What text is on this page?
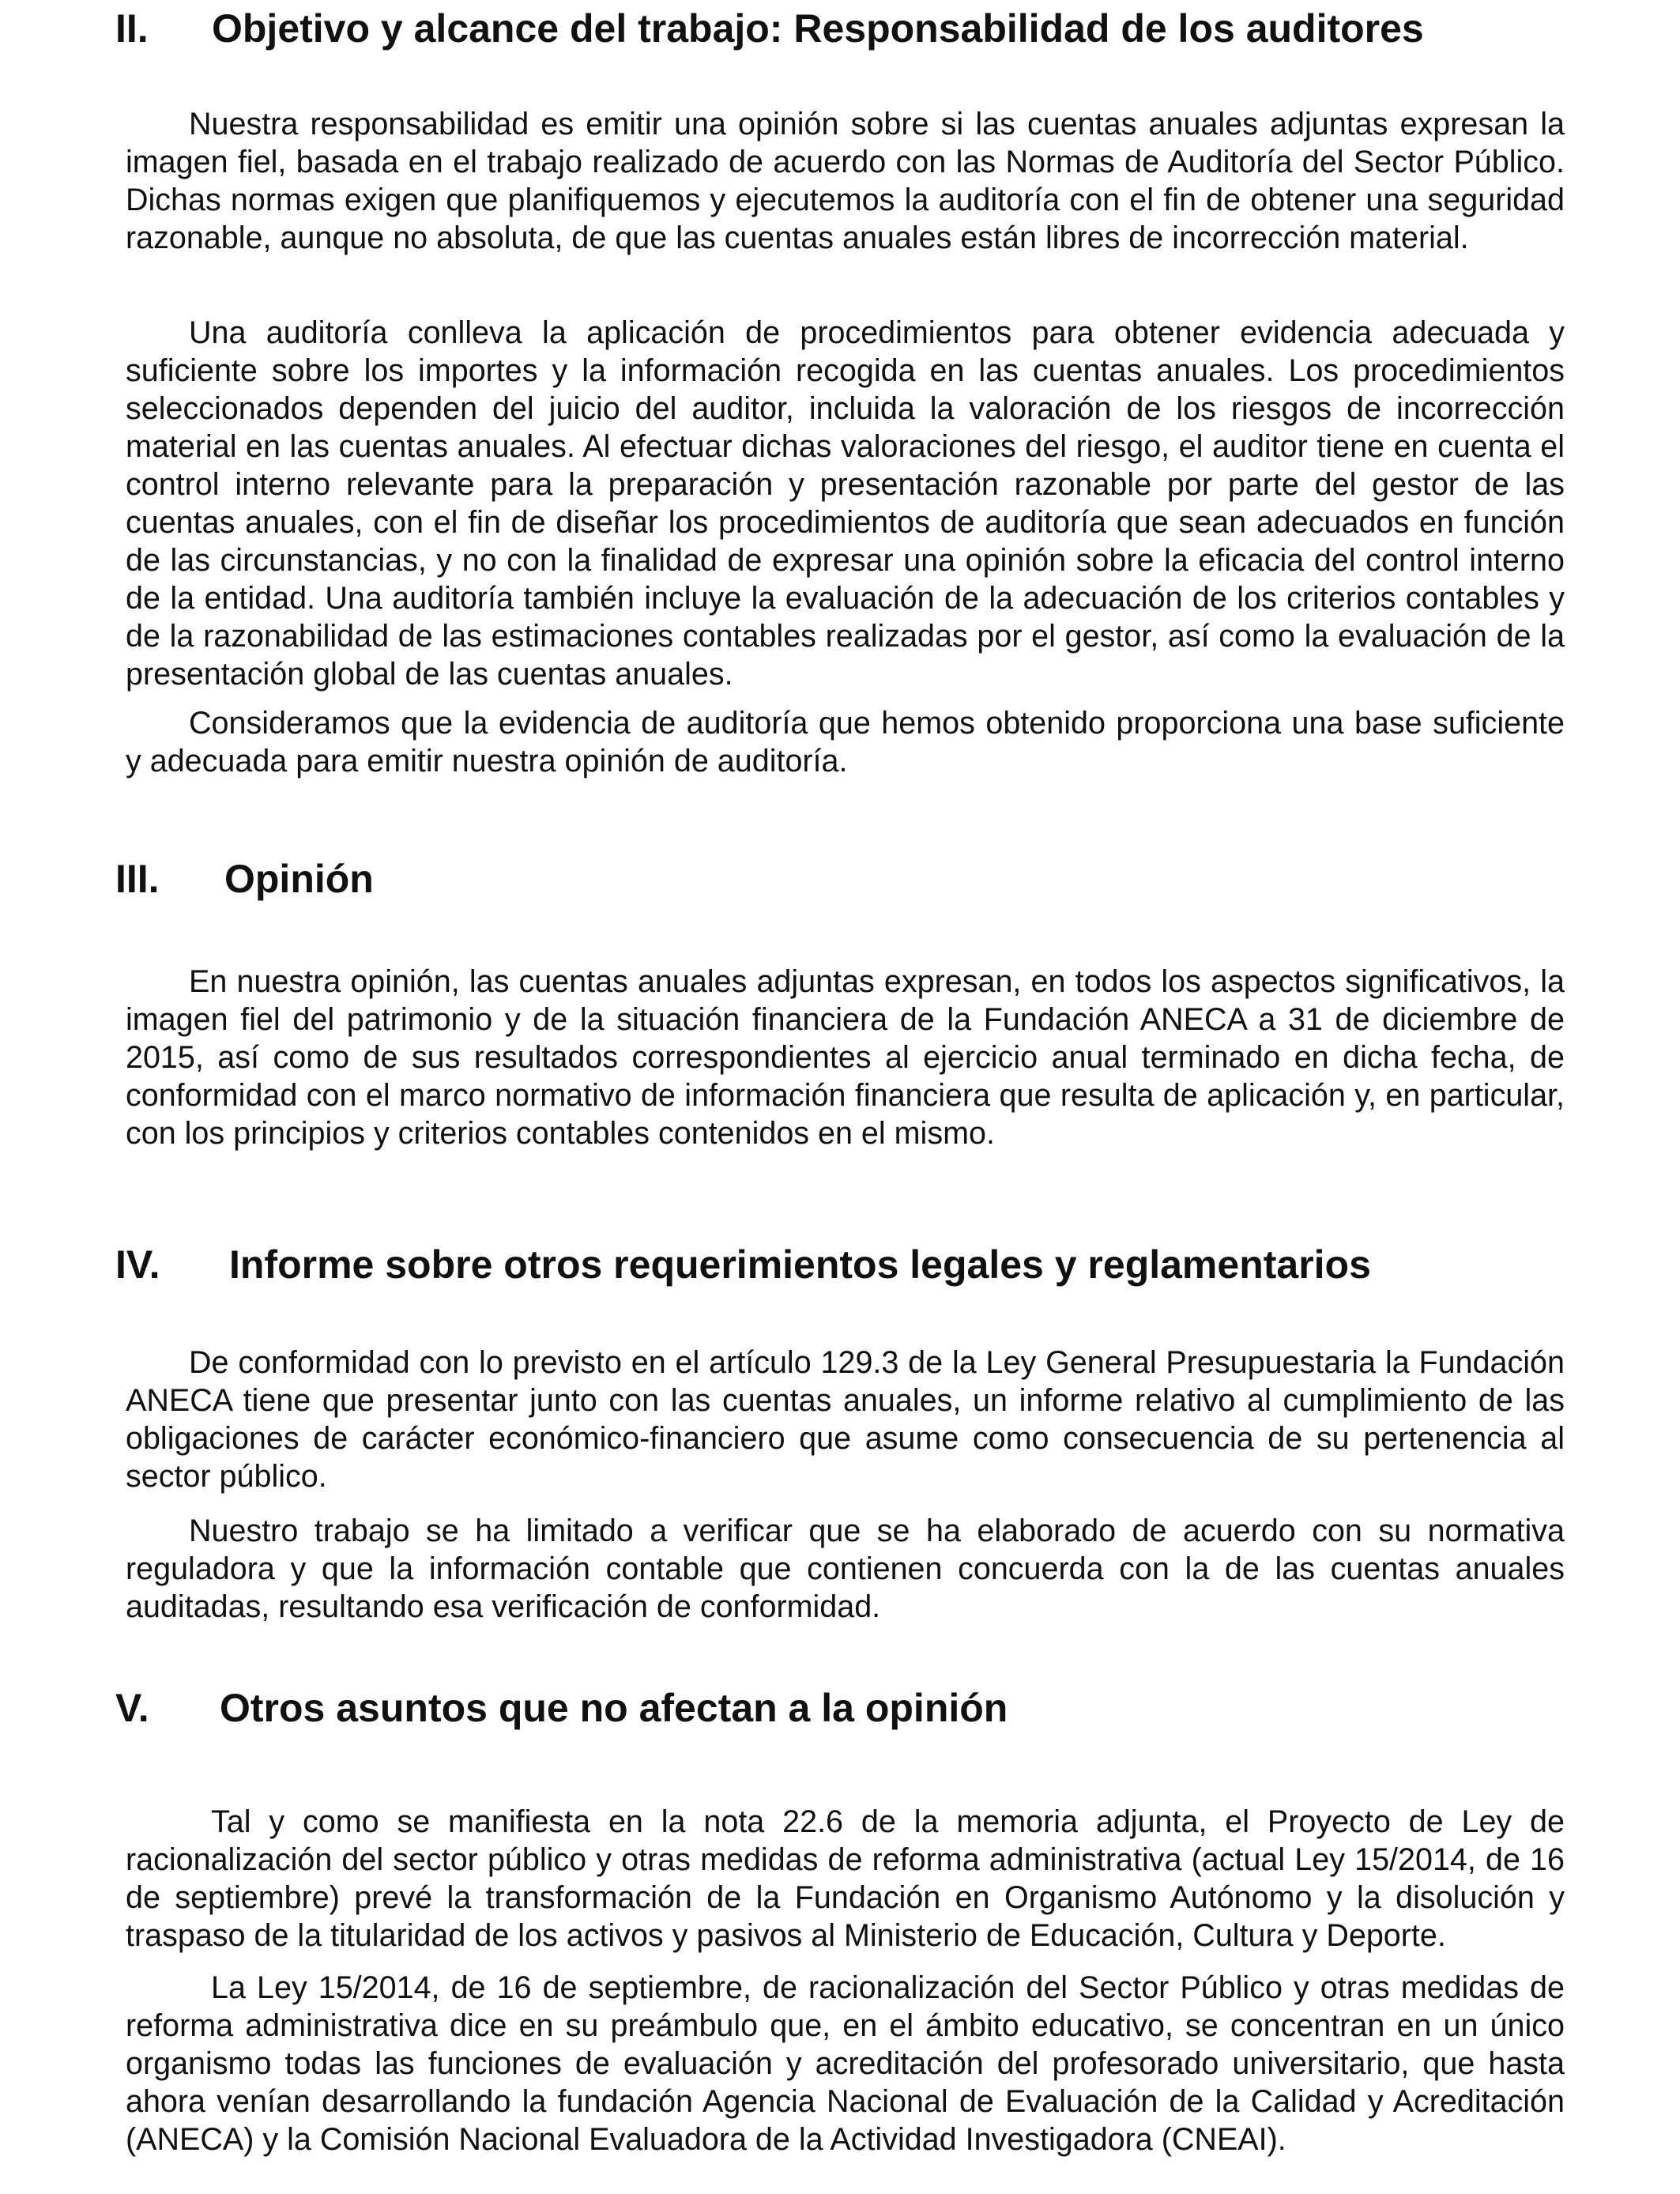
II. Objetivo y alcance del trabajo: Responsabilidad de los auditores

Nuestra responsabilidad es emitir una opinión sobre si las cuentas anuales adjuntas expresan la imagen fiel, basada en el trabajo realizado de acuerdo con las Normas de Auditoría del Sector Público. Dichas normas exigen que planifiquemos y ejecutemos la auditoría con el fin de obtener una seguridad razonable, aunque no absoluta, de que las cuentas anuales están libres de incorrección material.

Una auditoría conlleva la aplicación de procedimientos para obtener evidencia adecuada y suficiente sobre los importes y la información recogida en las cuentas anuales. Los procedimientos seleccionados dependen del juicio del auditor, incluida la valoración de los riesgos de incorrección material en las cuentas anuales. Al efectuar dichas valoraciones del riesgo, el auditor tiene en cuenta el control interno relevante para la preparación y presentación razonable por parte del gestor de las cuentas anuales, con el fin de diseñar los procedimientos de auditoría que sean adecuados en función de las circunstancias, y no con la finalidad de expresar una opinión sobre la eficacia del control interno de la entidad. Una auditoría también incluye la evaluación de la adecuación de los criterios contables y de la razonabilidad de las estimaciones contables realizadas por el gestor, así como la evaluación de la presentación global de las cuentas anuales.

Consideramos que la evidencia de auditoría que hemos obtenido proporciona una base suficiente y adecuada para emitir nuestra opinión de auditoría.

III. Opinión

En nuestra opinión, las cuentas anuales adjuntas expresan, en todos los aspectos significativos, la imagen fiel del patrimonio y de la situación financiera de la Fundación ANECA a 31 de diciembre de 2015, así como de sus resultados correspondientes al ejercicio anual terminado en dicha fecha, de conformidad con el marco normativo de información financiera que resulta de aplicación y, en particular, con los principios y criterios contables contenidos en el mismo.

IV. Informe sobre otros requerimientos legales y reglamentarios

De conformidad con lo previsto en el artículo 129.3 de la Ley General Presupuestaria la Fundación ANECA tiene que presentar junto con las cuentas anuales, un informe relativo al cumplimiento de las obligaciones de carácter económico-financiero que asume como consecuencia de su pertenencia al sector público.

Nuestro trabajo se ha limitado a verificar que se ha elaborado de acuerdo con su normativa reguladora y que la información contable que contienen concuerda con la de las cuentas anuales auditadas, resultando esa verificación de conformidad.

V. Otros asuntos que no afectan a la opinión

Tal y como se manifiesta en la nota 22.6 de la memoria adjunta, el Proyecto de Ley de racionalización del sector público y otras medidas de reforma administrativa (actual Ley 15/2014, de 16 de septiembre) prevé la transformación de la Fundación en Organismo Autónomo y la disolución y traspaso de la titularidad de los activos y pasivos al Ministerio de Educación, Cultura y Deporte.

La Ley 15/2014, de 16 de septiembre, de racionalización del Sector Público y otras medidas de reforma administrativa dice en su preámbulo que, en el ámbito educativo, se concentran en un único organismo todas las funciones de evaluación y acreditación del profesorado universitario, que hasta ahora venían desarrollando la fundación Agencia Nacional de Evaluación de la Calidad y Acreditación (ANECA) y la Comisión Nacional Evaluadora de la Actividad Investigadora (CNEAI).
